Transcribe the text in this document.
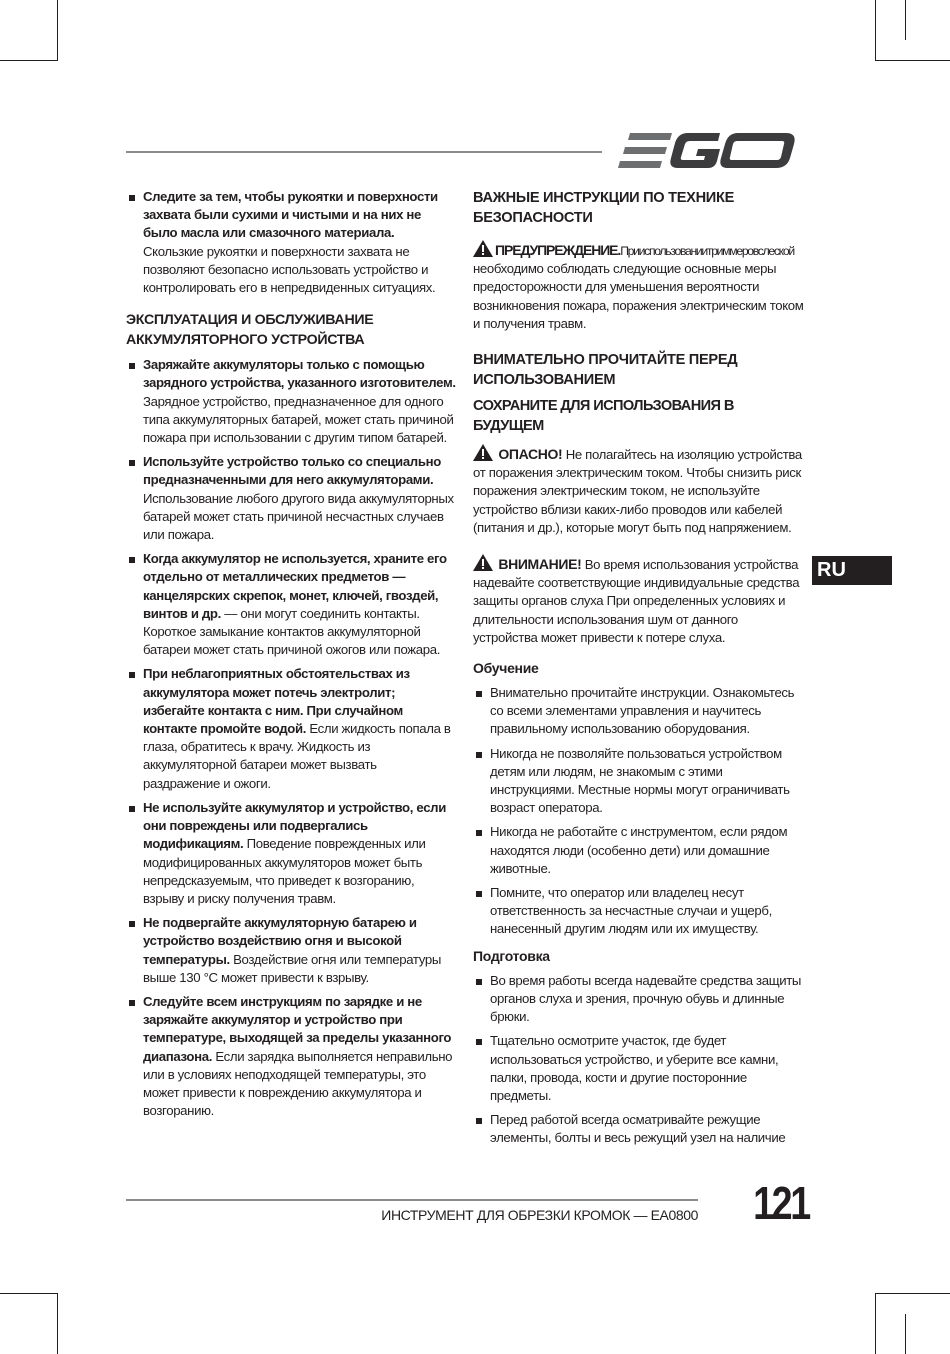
Следите за тем, чтобы рукоятки и поверхности захвата были сухими и чистыми и на них не было масла или смазочного материала. Скользкие рукоятки и поверхности захвата не позволяют безопасно использовать устройство и контролировать его в непредвиденных ситуациях.

ЭКСПЛУАТАЦИЯ И ОБСЛУЖИВАНИЕ АККУМУЛЯТОРНОГО УСТРОЙСТВА

Заряжайте аккумуляторы только с помощью зарядного устройства, указанного изготовителем. Зарядное устройство, предназначенное для одного типа аккумуляторных батарей, может стать причиной пожара при использовании с другим типом батарей.
Используйте устройство только со специально предназначенными для него аккумуляторами. Использование любого другого вида аккумуляторных батарей может стать причиной несчастных случаев или пожара.
Когда аккумулятор не используется, храните его отдельно от металлических предметов — канцелярских скрепок, монет, ключей, гвоздей, винтов и др. — они могут соединить контакты. Короткое замыкание контактов аккумуляторной батареи может стать причиной ожогов или пожара.
При неблагоприятных обстоятельствах из аккумулятора может потечь электролит; избегайте контакта с ним. При случайном контакте промойте водой. Если жидкость попала в глаза, обратитесь к врачу. Жидкость из аккумуляторной батареи может вызвать раздражение и ожоги.
Не используйте аккумулятор и устройство, если они повреждены или подвергались модификациям. Поведение поврежденных или модифицированных аккумуляторов может быть непредсказуемым, что приведет к возгоранию, взрыву и риску получения травм.
Не подвергайте аккумуляторную батарею и устройство воздействию огня и высокой температуры. Воздействие огня или температуры выше 130 °C может привести к взрыву.
Следуйте всем инструкциям по зарядке и не заряжайте аккумулятор и устройство при температуре, выходящей за пределы указанного диапазона. Если зарядка выполняется неправильно или в условиях неподходящей температуры, это может привести к повреждению аккумулятора и возгоранию.

ВАЖНЫЕ ИНСТРУКЦИИ ПО ТЕХНИКЕ БЕЗОПАСНОСТИ

ПРЕДУПРЕЖДЕНИЕ.Прииспользованиитриммеровслеской
необходимо соблюдать следующие основные меры предосторожности для уменьшения вероятности возникновения пожара, поражения электрическим током и получения травм.

ВНИМАТЕЛЬНО ПРОЧИТАЙТЕ ПЕРЕД ИСПОЛЬЗОВАНИЕМ

СОХРАНИТЕ ДЛЯ ИСПОЛЬЗОВАНИЯ В БУДУЩЕМ

ОПАСНО! Не полагайтесь на изоляцию устройства от поражения электрическим током. Чтобы снизить риск поражения электрическим током, не используйте устройство вблизи каких-либо проводов или кабелей (питания и др.), которые могут быть под напряжением.

ВНИМАНИЕ! Во время использования устройства надевайте соответствующие индивидуальные средства защиты органов слуха При определенных условиях и длительности использования шум от данного устройства может привести к потере слуха.

Обучение

Внимательно прочитайте инструкции. Ознакомьтесь со всеми элементами управления и научитесь правильному использованию оборудования.
Никогда не позволяйте пользоваться устройством детям или людям, не знакомым с этими инструкциями. Местные нормы могут ограничивать возраст оператора.
Никогда не работайте с инструментом, если рядом находятся люди (особенно дети) или домашние животные.
Помните, что оператор или владелец несут ответственность за несчастные случаи и ущерб, нанесенный другим людям или их имуществу.

Подготовка

Во время работы всегда надевайте средства защиты органов слуха и зрения, прочную обувь и длинные брюки.
Тщательно осмотрите участок, где будет использоваться устройство, и уберите все камни, палки, провода, кости и другие посторонние предметы.
Перед работой всегда осматривайте режущие элементы, болты и весь режущий узел на наличие
RU
ИНСТРУМЕНТ ДЛЯ ОБРЕЗКИ КРОМОК — EA0800 121
